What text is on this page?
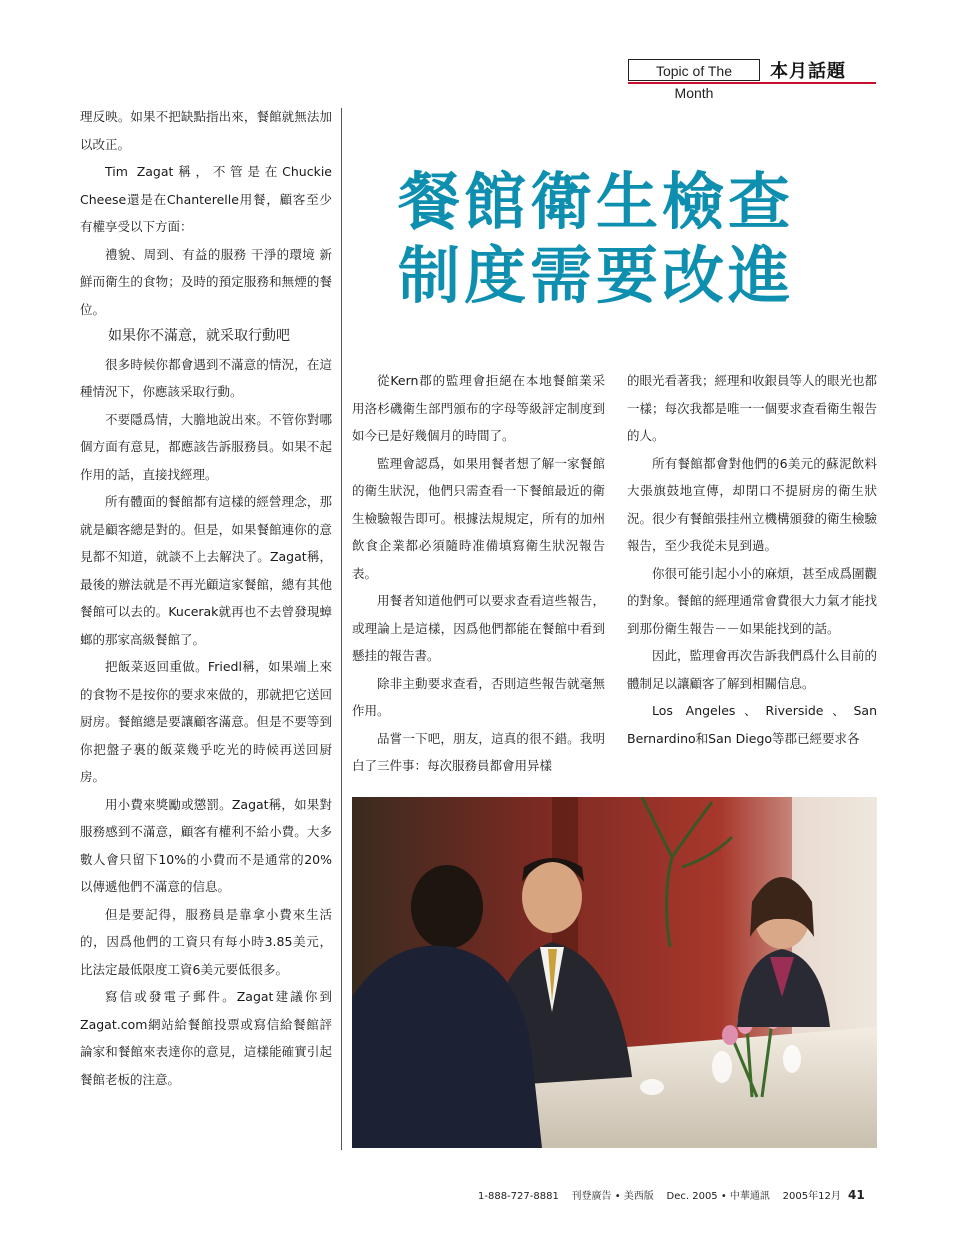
Topic of The Month
本月話題

理反映。如果不把缺點指出來，餐館就無法加以改正。

Tim Zagat稱，不管是在Chuckie Cheese還是在Chanterelle用餐，顧客至少有權享受以下方面：

禮貌、周到、有益的服務 干淨的環境 新鮮而衛生的食物；及時的預定服務和無煙的餐位。

如果你不滿意，就采取行動吧

很多時候你都會遇到不滿意的情況，在這種情況下，你應該采取行動。

不要隱爲情，大膽地說出來。不管你對哪個方面有意見，都應該告訴服務員。如果不起作用的話，直接找經理。

所有體面的餐館都有這樣的經營理念，那就是顧客總是對的。但是，如果餐館連你的意見都不知道，就談不上去解決了。Zagat稱，最後的辦法就是不再光顧這家餐館，總有其他餐館可以去的。Kucerak就再也不去曾發現蟑螂的那家高級餐館了。

把飯菜返回重做。Friedl稱，如果端上來的食物不是按你的要求來做的，那就把它送回厨房。餐館總是要讓顧客滿意。但是不要等到你把盤子裏的飯菜幾乎吃光的時候再送回厨房。

用小費來獎勵或懲罰。Zagat稱，如果對服務感到不滿意，顧客有權利不給小費。大多數人會只留下10%的小費而不是通常的20%以傳遞他們不滿意的信息。

但是要記得，服務員是靠拿小費來生活的，因爲他們的工資只有每小時3.85美元，比法定最低限度工資6美元要低很多。

寫信或發電子郵件。Zagat建議你到Zagat.com網站給餐館投票或寫信給餐館評論家和餐館來表達你的意見，這樣能確實引起餐館老板的注意。

餐館衛生檢查
制度需要改進

從Kern郡的監理會拒絕在本地餐館業采用洛杉磯衛生部門頒布的字母等級評定制度到如今已是好幾個月的時間了。

監理會認爲，如果用餐者想了解一家餐館的衛生狀況，他們只需查看一下餐館最近的衛生檢驗報告即可。根據法規規定，所有的加州飲食企業都必須隨時准備填寫衛生狀況報告表。

用餐者知道他們可以要求查看這些報告，或理論上是這樣，因爲他們都能在餐館中看到懸挂的報告書。

除非主動要求查看，否則這些報告就毫無作用。

品嘗一下吧，朋友，這真的很不錯。我明白了三件事：每次服務員都會用异樣

的眼光看著我；經理和收銀員等人的眼光也都一樣；每次我都是唯一一個要求查看衛生報告的人。

所有餐館都會對他們的6美元的蘇泥飲料大張旗鼓地宣傳，却閉口不提厨房的衛生狀況。很少有餐館張挂州立機構頒發的衛生檢驗報告，至少我從未見到過。

你很可能引起小小的麻煩，甚至成爲圍觀的對象。餐館的經理通常會費很大力氣才能找到那份衛生報告－－如果能找到的話。

因此，監理會再次告訴我們爲什么目前的體制足以讓顧客了解到相關信息。

Los Angeles、Riverside、San Bernardino和San Diego等郡已經要求各

1-888-727-8881 刊登廣告 • 美西版 Dec. 2005 • 中華通訊 2005年12月 41
